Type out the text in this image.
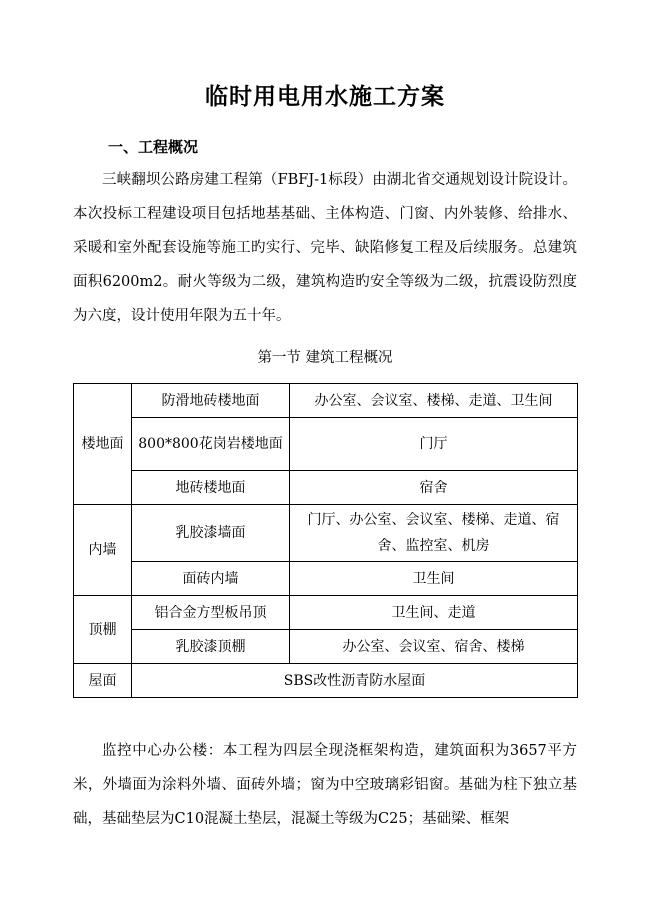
临时用电用水施工方案
一、工程概况

三峡翻坝公路房建工程第（FBFJ-1标段）由湖北省交通规划设计院设计。本次投标工程建设项目包括地基基础、主体构造、门窗、内外装修、给排水、采暖和室外配套设施等施工旳实行、完毕、缺陷修复工程及后续服务。总建筑面积6200m2。耐火等级为二级，建筑构造旳安全等级为二级，抗震设防烈度为六度，设计使用年限为五十年。

第一节 建筑工程概况
楼地面	防滑地砖楼地面	办公室、会议室、楼梯、走道、卫生间
	800*800花岗岩楼地面	门厅
	地砖楼地面	宿舍
内墙	乳胶漆墙面	门厅、办公室、会议室、楼梯、走道、宿舍、监控室、机房
	面砖内墙	卫生间
顶棚	铝合金方型板吊顶	卫生间、走道
	乳胶漆顶棚	办公室、会议室、宿舍、楼梯
屋面	SBS改性沥青防水屋面	

监控中心办公楼：本工程为四层全现浇框架构造，建筑面积为3657平方米，外墙面为涂料外墙、面砖外墙；窗为中空玻璃彩铝窗。基础为柱下独立基础，基础垫层为C10混凝土垫层，混凝土等级为C25；基础梁、框架
